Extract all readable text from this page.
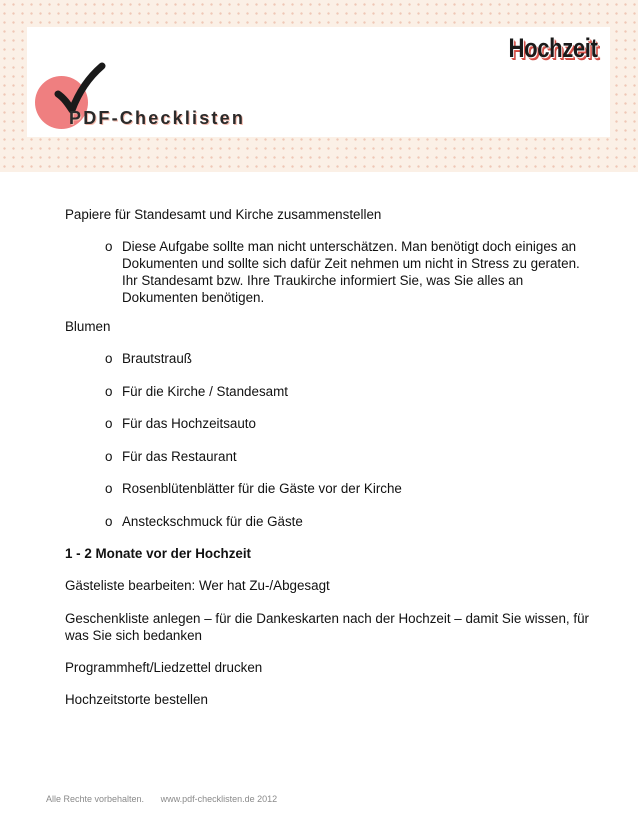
Hochzeit
PDF-Checklisten
Papiere für Standesamt und Kirche zusammenstellen
o Diese Aufgabe sollte man nicht unterschätzen. Man benötigt doch einiges an Dokumenten und sollte sich dafür Zeit nehmen um nicht in Stress zu geraten. Ihr Standesamt bzw. Ihre Traukirche informiert Sie, was Sie alles an Dokumenten benötigen.
Blumen
o Brautstrauß
o Für die Kirche / Standesamt
o Für das Hochzeitsauto
o Für das Restaurant
o Rosenblütenblätter für die Gäste vor der Kirche
o Ansteckschmuck für die Gäste
1 - 2 Monate vor der Hochzeit
Gästeliste bearbeiten: Wer hat Zu-/Abgesagt
Geschenkliste anlegen – für die Dankeskarten nach der Hochzeit – damit Sie wissen, für was Sie sich bedanken
Programmheft/Liedzettel drucken
Hochzeitstorte bestellen
Alle Rechte vorbehalten. www.pdf-checklisten.de 2012
